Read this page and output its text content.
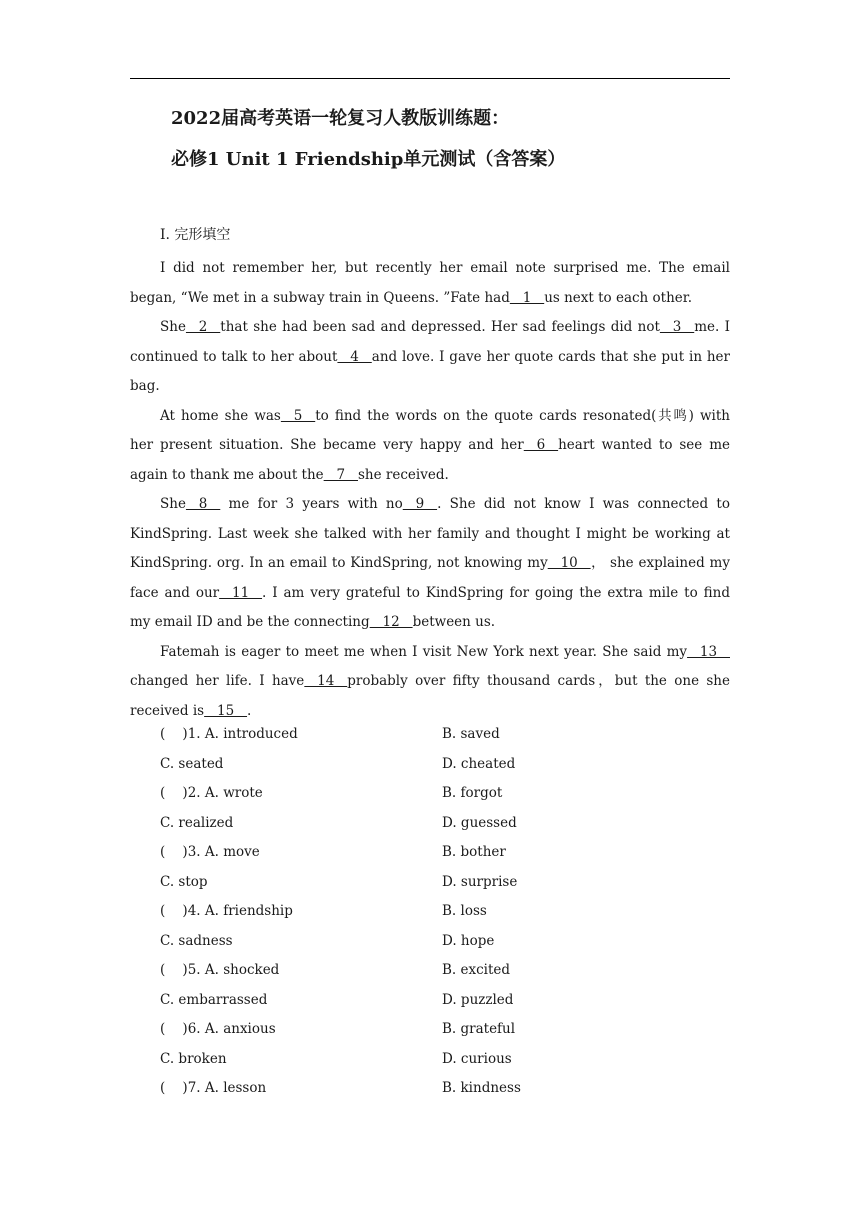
2022届高考英语一轮复习人教版训练题：
必修1 Unit 1 Friendship单元测试（含答案）
Ⅰ. 完形填空

I did not remember her, but recently her email note surprised me. The email began, “We met in a subway train in Queens. ”Fate had   1   us next to each other.

She   2   that she had been sad and depressed. Her sad feelings did not   3   me. I continued to talk to her about   4   and love. I gave her quote cards that she put in her bag.

At home she was   5   to find the words on the quote cards resonated(共鸣) with her present situation. She became very happy and her   6   heart wanted to see me again to thank me about the   7   she received.

She   8    me for 3 years with no   9   . She did not know I was connected to KindSpring. Last week she talked with her family and thought I might be working at KindSpring. org. In an email to KindSpring, not knowing my   10   ， she explained my face and our   11   . I am very grateful to KindSpring for going the extra mile to find my email ID and be the connecting   12   between us.

Fatemah is eager to meet me when I visit New York next year. She said my   13   changed her life. I have   14   probably over fifty thousand cards，but the one she received is   15   .

(    )1. A. introduced	B. saved
C. seated	D. cheated
(    )2. A. wrote	B. forgot
C. realized	D. guessed
(    )3. A. move	B. bother
C. stop	D. surprise
(    )4. A. friendship	B. loss
C. sadness	D. hope
(    )5. A. shocked	B. excited
C. embarrassed	D. puzzled
(    )6. A. anxious	B. grateful
C. broken	D. curious
(    )7. A. lesson	B. kindness
